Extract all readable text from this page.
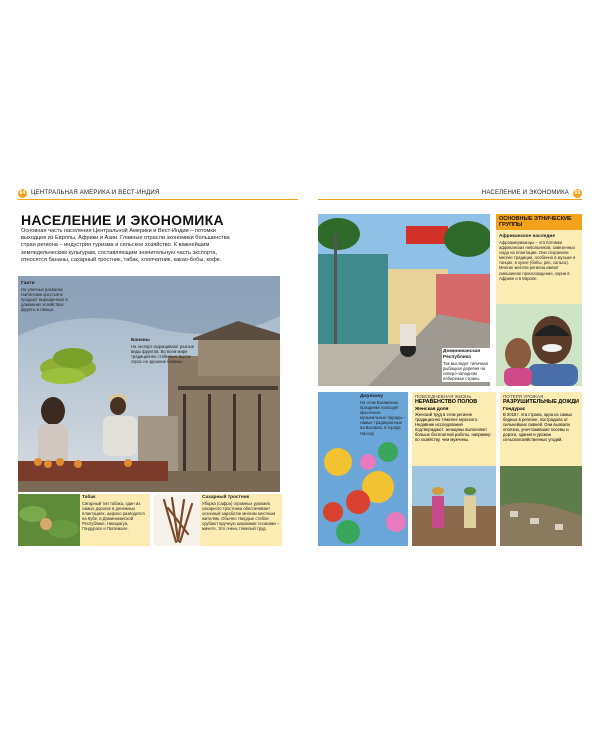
64 ЦЕНТРАЛЬНАЯ АМЕРИКА И ВЕСТ-ИНДИЯ
НАСЕЛЕНИЕ И ЭКОНОМИКА

Основная часть населения Центральной Америки и Вест-Индии – потомки выходцев из Европы, Африки и Азии. Главные отрасли экономики большинства стран региона – индустрия туризма и сельское хозяйство. К важнейшим земледельческим культурам, составляющим значительную часть экспорта, относятся бананы, сахарный тростник, табак, хлопчатник, какао-бобы, кофе.

Гаити
На уличных развалах гаитянские крестьяне продают выращенные в домашних хозяйствах фрукты и овощи.
Бананы
На экспорт выращивают разные виды фруктов. Во всем мире традиционно стабильно высок спрос на здешние бананы.
Табак
Сигарный тип табака, один из самых дорогих в денежных плантациях, широко разводится на Кубе, в Доминиканской Республике, Никарагуа, Гондурасе и Гватемале.
Сахарный тростник
Уборка (сафра) огромных урожаев сахарного тростника обеспечивает сезонный заработок многим местным жителям. Обычно твердые стебли срубают вручную широкими тесаками – мачете. Это очень тяжелый труд.
НАСЕЛЕНИЕ И ЭКОНОМИКА	65
Доминиканская Республика
Так выглядит типичная рыбацкая деревня на северо-западном побережье страны.
ОСНОВНЫЕ ЭТНИЧЕСКИЕ ГРУППЫ
Африканское наследие
Афроамериканцы – это потомки африканских невольников, завезенных сюда на плантации. Они сохранили многие традиции, особенно в музыке и танцах, в кухне (бобы, рис, сальса). Многие жители региона имеют смешанное происхождение, корни в Африке и в Европе.
Джункану
На этом Багамском празднике проходят красочные музыкальные парады – самые традиционные на Багамах, в городе Нассау.
ПОВСЕДНЕВНАЯ ЖИЗНЬ
НЕРАВЕНСТВО ПОЛОВ
Женская доля
Женский труд в этом регионе традиционно тяжелее мужского. Недавние исследования подтверждают: женщины выполняют больше бесплатной работы, например по хозяйству, чем мужчины.
ПОТЕРЯ УРОЖАЯ
РАЗРУШИТЕЛЬНЫЕ ДОЖДИ
Гондурас
В 2018 г. эта страна, одна из самых бедных в регионе, пострадала от сильнейших ливней. Они вызвали оползни, уничтожившие посевы и дороги, здания и урожаи сельскохозяйственных угодий.
